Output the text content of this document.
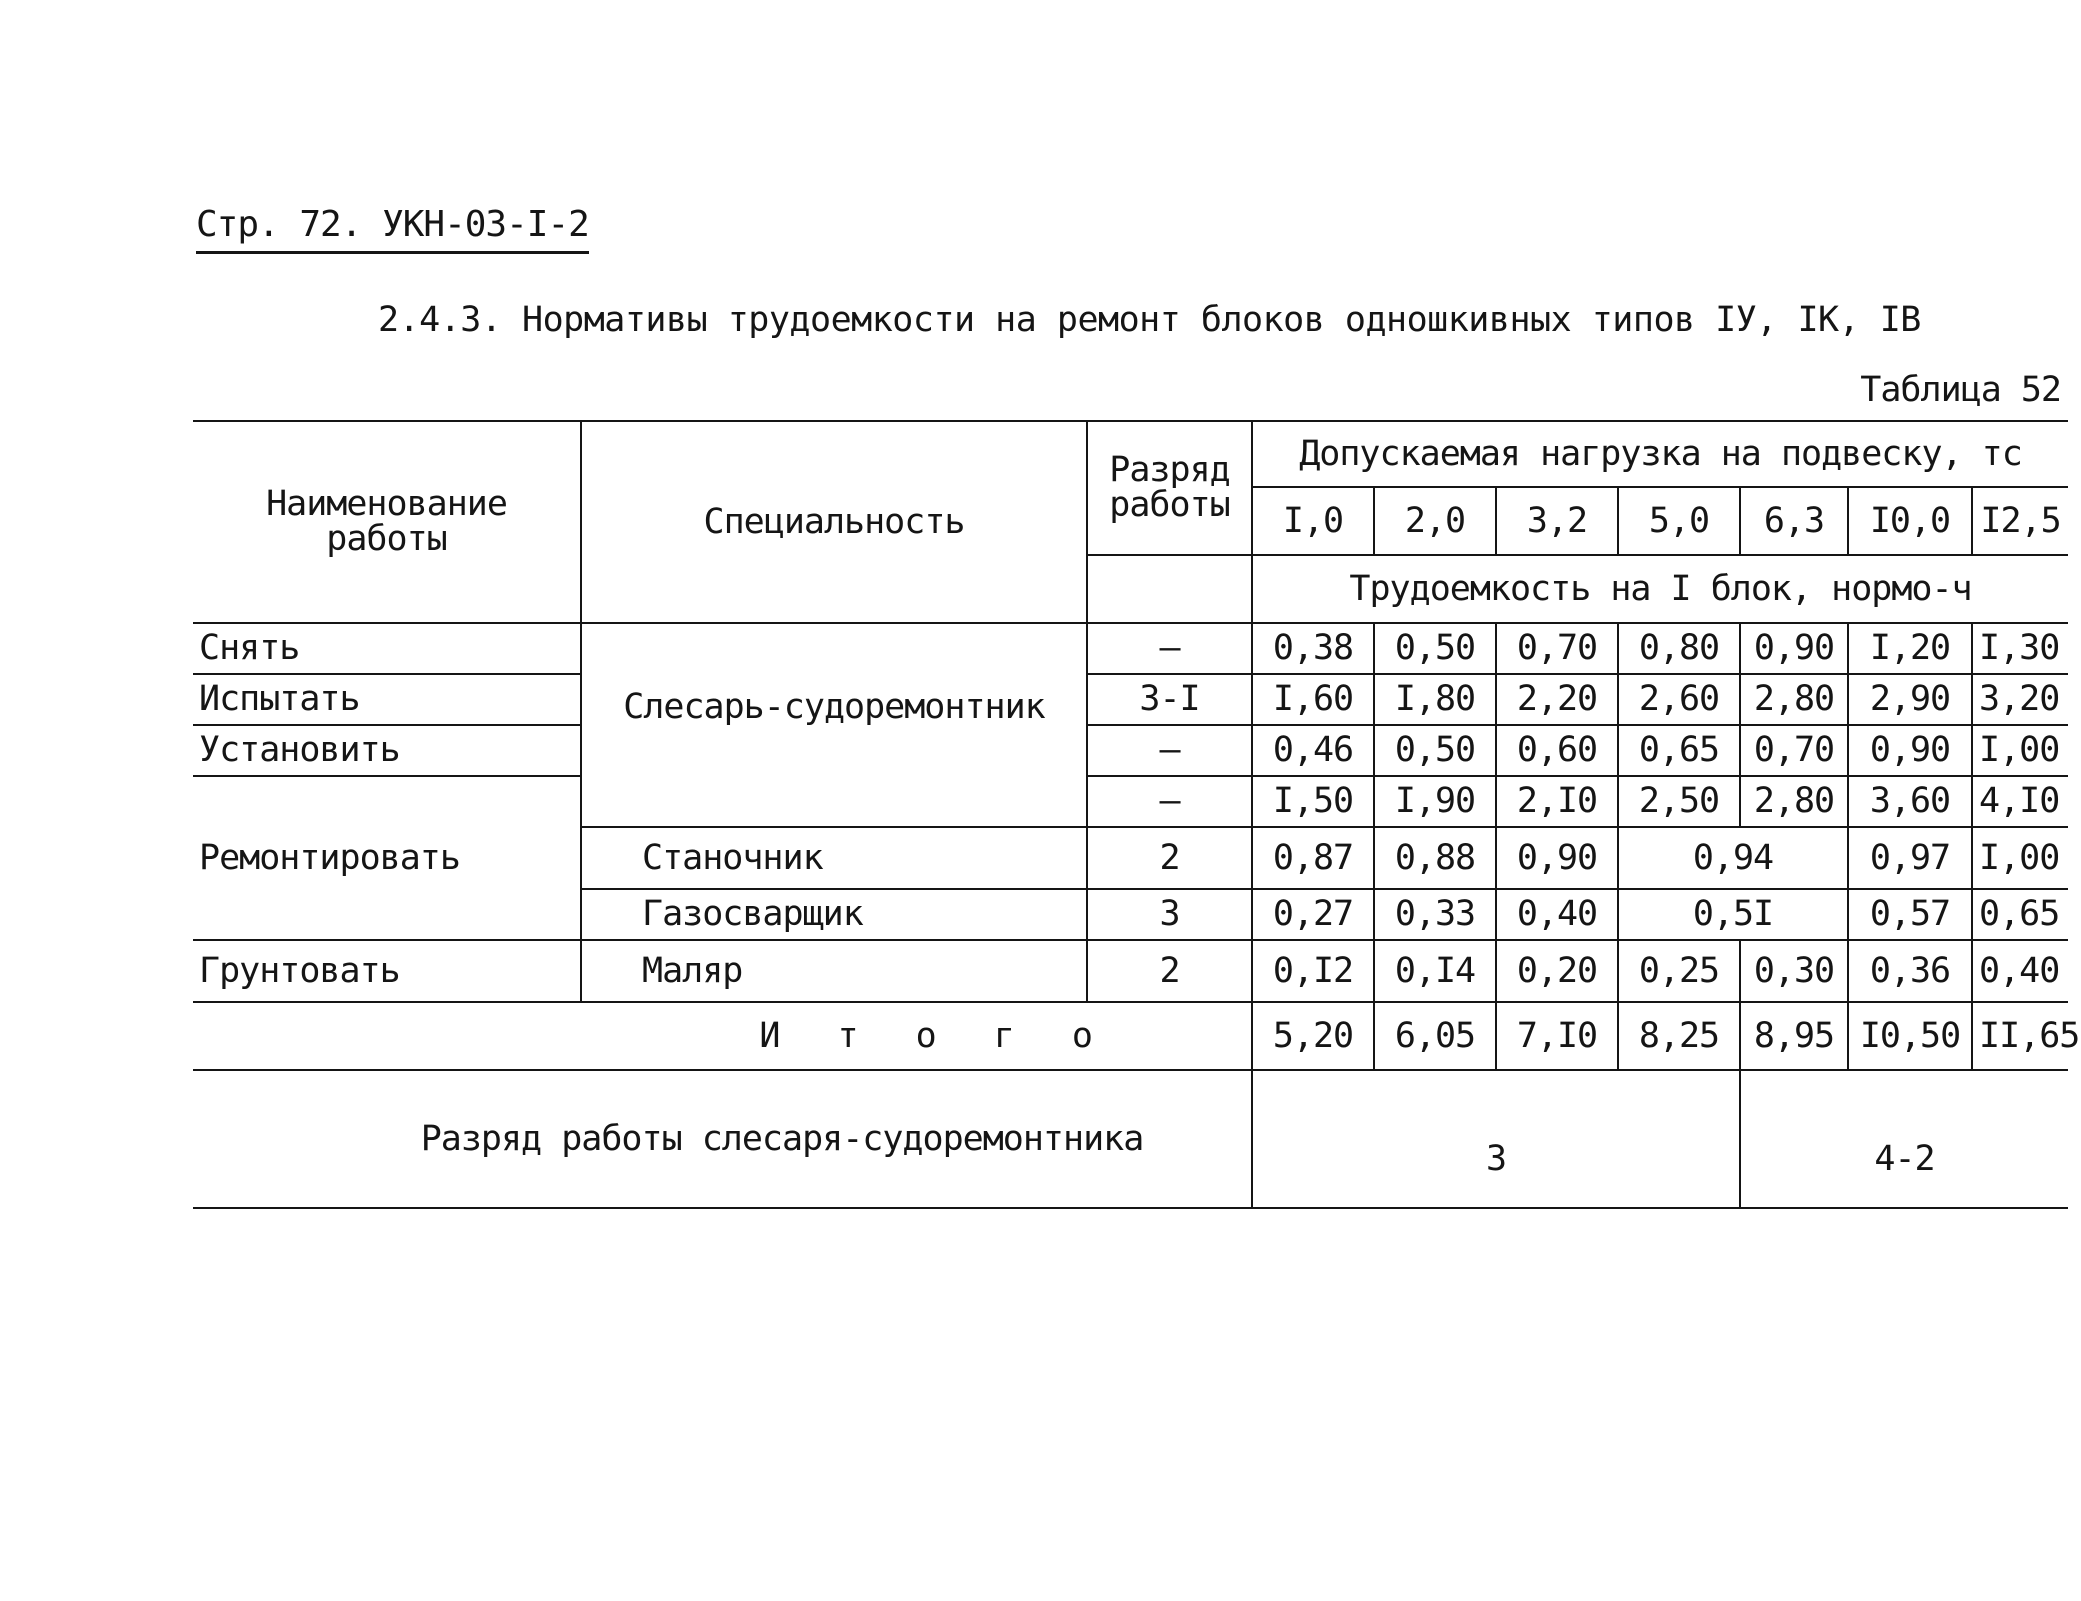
Стр. 72. УКН-03-I-2
2.4.3. Нормативы трудоемкости на ремонт блоков одношкивных типов IУ, IК, IВ
Таблица 52
Наименование работы	Специальность	Разряд работы	Допускаемая нагрузка на подвеску, тс						
			I,0	2,0	3,2	5,0	6,3	I0,0	I2,5
			Трудоемкость на I блок, нормо-ч						
Снять	Слесарь-судоремонтник	–	0,38	0,50	0,70	0,80	0,90	I,20	I,30
Испытать		3-I	I,60	I,80	2,20	2,60	2,80	2,90	3,20
Установить		–	0,46	0,50	0,60	0,65	0,70	0,90	I,00
Ремонтировать		–	I,50	I,90	2,I0	2,50	2,80	3,60	4,I0
	Станочник	2	0,87	0,88	0,90	0,94		0,97	I,00
	Газосварщик	3	0,27	0,33	0,40	0,5I		0,57	0,65
Грунтовать	Маляр	2	0,I2	0,I4	0,20	0,25	0,30	0,36	0,40
И т о г о			5,20	6,05	7,I0	8,25	8,95	I0,50	II,65
Разряд работы слесаря-судоремонтника			3				4-2		
